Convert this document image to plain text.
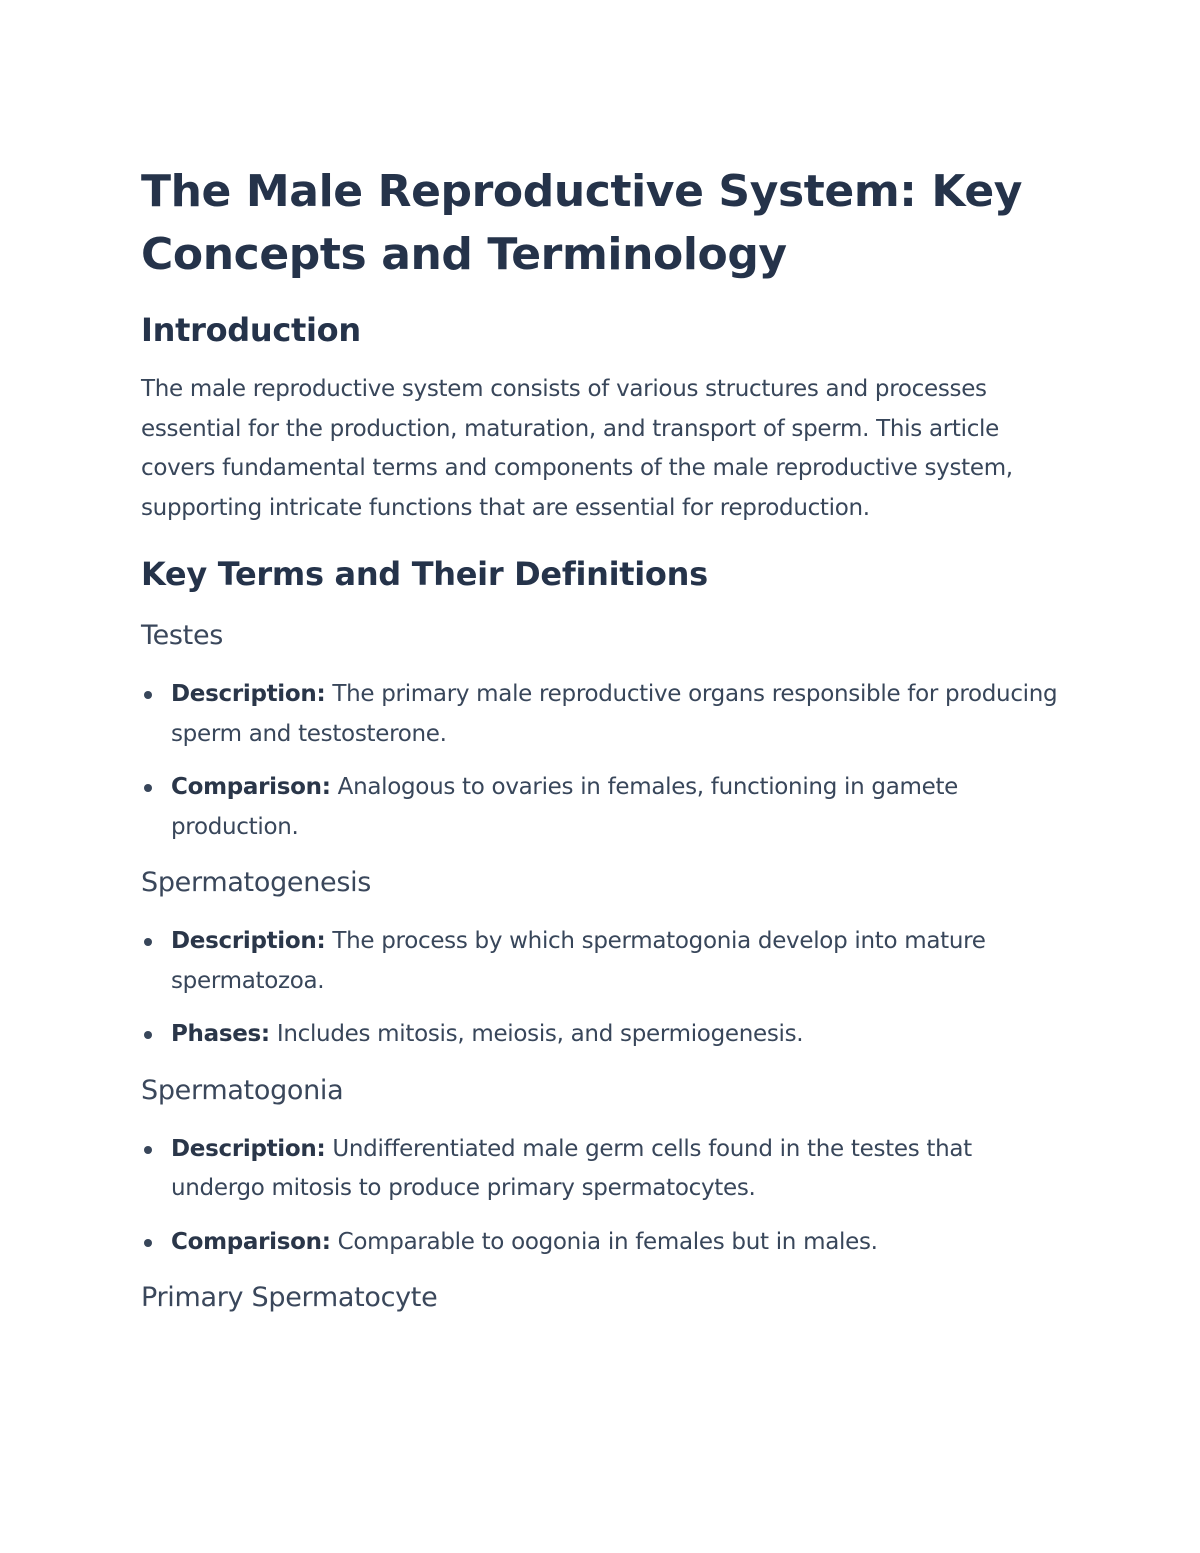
The Male Reproductive System: Key Concepts and Terminology
Introduction

The male reproductive system consists of various structures and processes essential for the production, maturation, and transport of sperm. This article covers fundamental terms and components of the male reproductive system, supporting intricate functions that are essential for reproduction.

Key Terms and Their Definitions
Testes
Description: The primary male reproductive organs responsible for producing sperm and testosterone.
Comparison: Analogous to ovaries in females, functioning in gamete production.
Spermatogenesis
Description: The process by which spermatogonia develop into mature spermatozoa.
Phases: Includes mitosis, meiosis, and spermiogenesis.
Spermatogonia
Description: Undifferentiated male germ cells found in the testes that undergo mitosis to produce primary spermatocytes.
Comparison: Comparable to oogonia in females but in males.
Primary Spermatocyte
